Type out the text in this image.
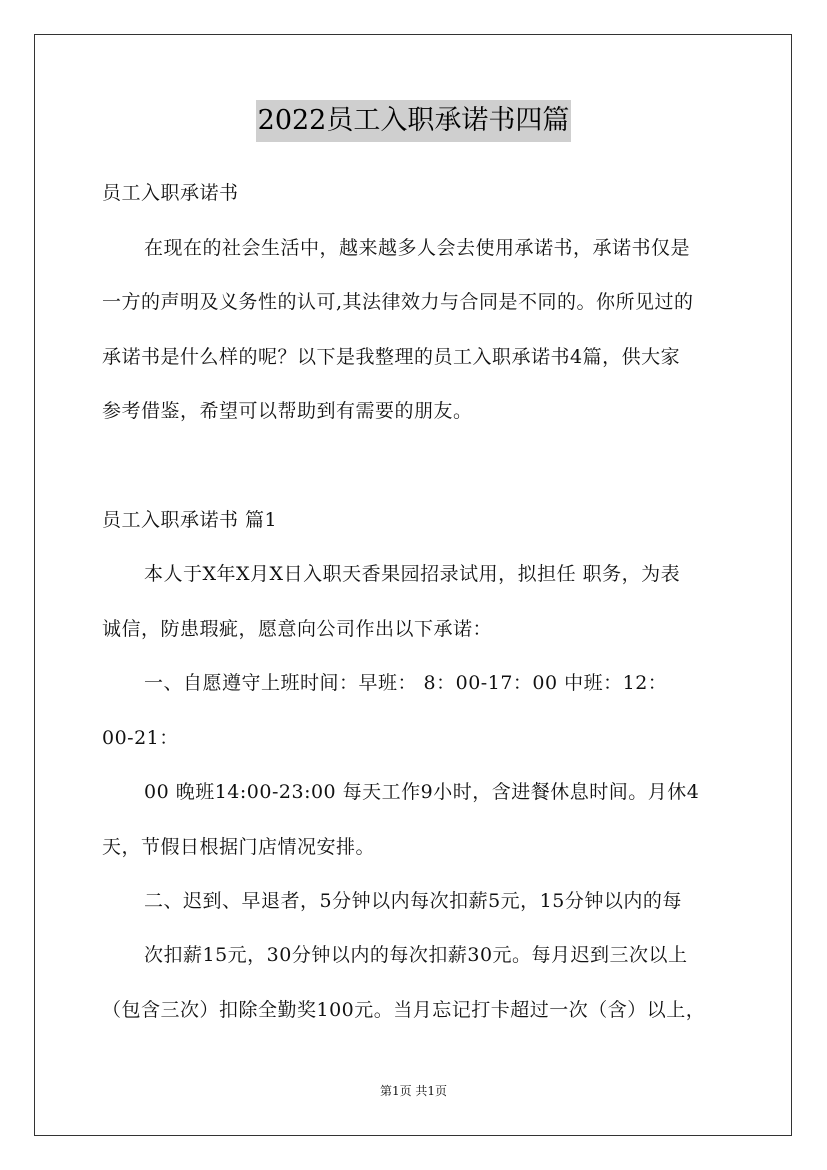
2022员工入职承诺书四篇
员工入职承诺书
在现在的社会生活中，越来越多人会去使用承诺书，承诺书仅是
一方的声明及义务性的认可,其法律效力与合同是不同的。你所见过的
承诺书是什么样的呢？以下是我整理的员工入职承诺书4篇，供大家
参考借鉴，希望可以帮助到有需要的朋友。
员工入职承诺书 篇1
本人于X年X月X日入职天香果园招录试用，拟担任 职务，为表
诚信，防患瑕疵，愿意向公司作出以下承诺：
一、自愿遵守上班时间：早班： 8：00-17：00 中班：12：
00-21：
00 晚班14:00-23:00 每天工作9小时，含进餐休息时间。月休4
天，节假日根据门店情况安排。
二、迟到、早退者，5分钟以内每次扣薪5元，15分钟以内的每
次扣薪15元，30分钟以内的每次扣薪30元。每月迟到三次以上
（包含三次）扣除全勤奖100元。当月忘记打卡超过一次（含）以上，
第1页 共1页
